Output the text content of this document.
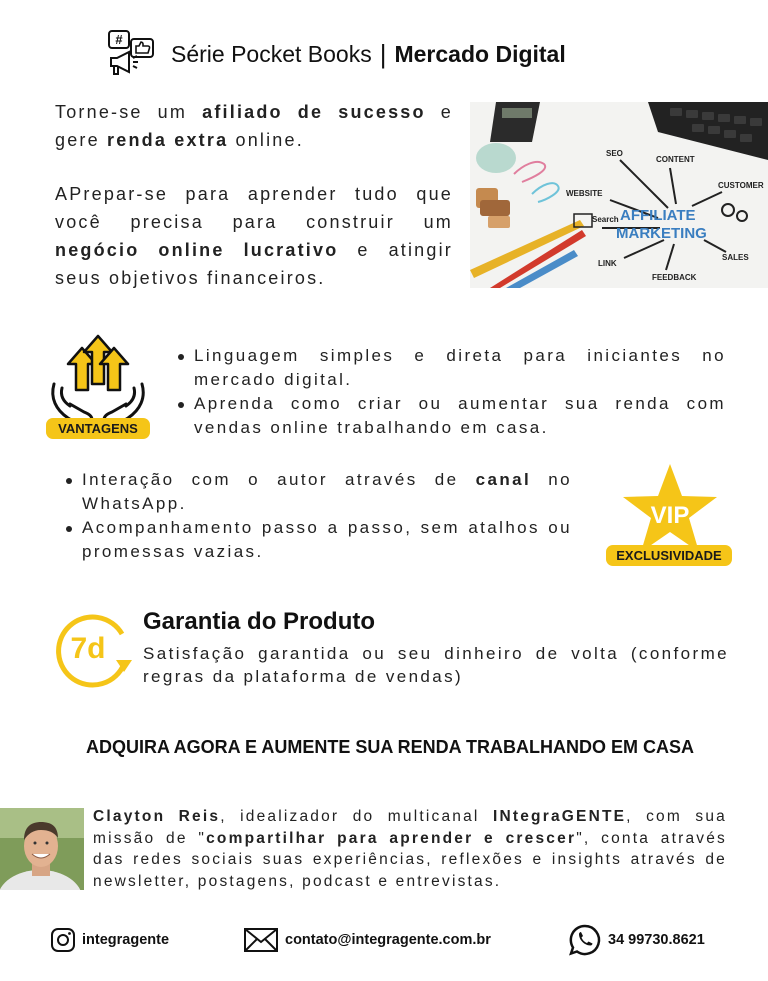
#
Série Pocket Books | Mercado Digital

Torne-se um afiliado de sucesso e gere renda extra online.

APrepar-se para aprender tudo que você precisa para construir um negócio online lucrativo e atingir seus objetivos financeiros.

SEO
CONTENT
CUSTOMER
WEBSITE
Search
LINK
FEEDBACK
SALES
AFFILIATE
MARKETING
VANTAGENS
Linguagem simples e direta para iniciantes no mercado digital.
Aprenda como criar ou aumentar sua renda com vendas online trabalhando em casa.
Interação com o autor através de canal no WhatsApp.
Acompanhamento passo a passo, sem atalhos ou promessas vazias.
VIP
EXCLUSIVIDADE
7d
Garantia do Produto
Satisfação garantida ou seu dinheiro de volta (conforme regras da plataforma de vendas)
ADQUIRA AGORA E AUMENTE SUA RENDA TRABALHANDO EM CASA
Clayton Reis, idealizador do multicanal INtegraGENTE, com sua missão de "compartilhar para aprender e crescer", conta através das redes sociais suas experiências, reflexões e insights através de newsletter, postagens, podcast e entrevistas.
integragente	contato@integragente.com.br	34 99730.8621
